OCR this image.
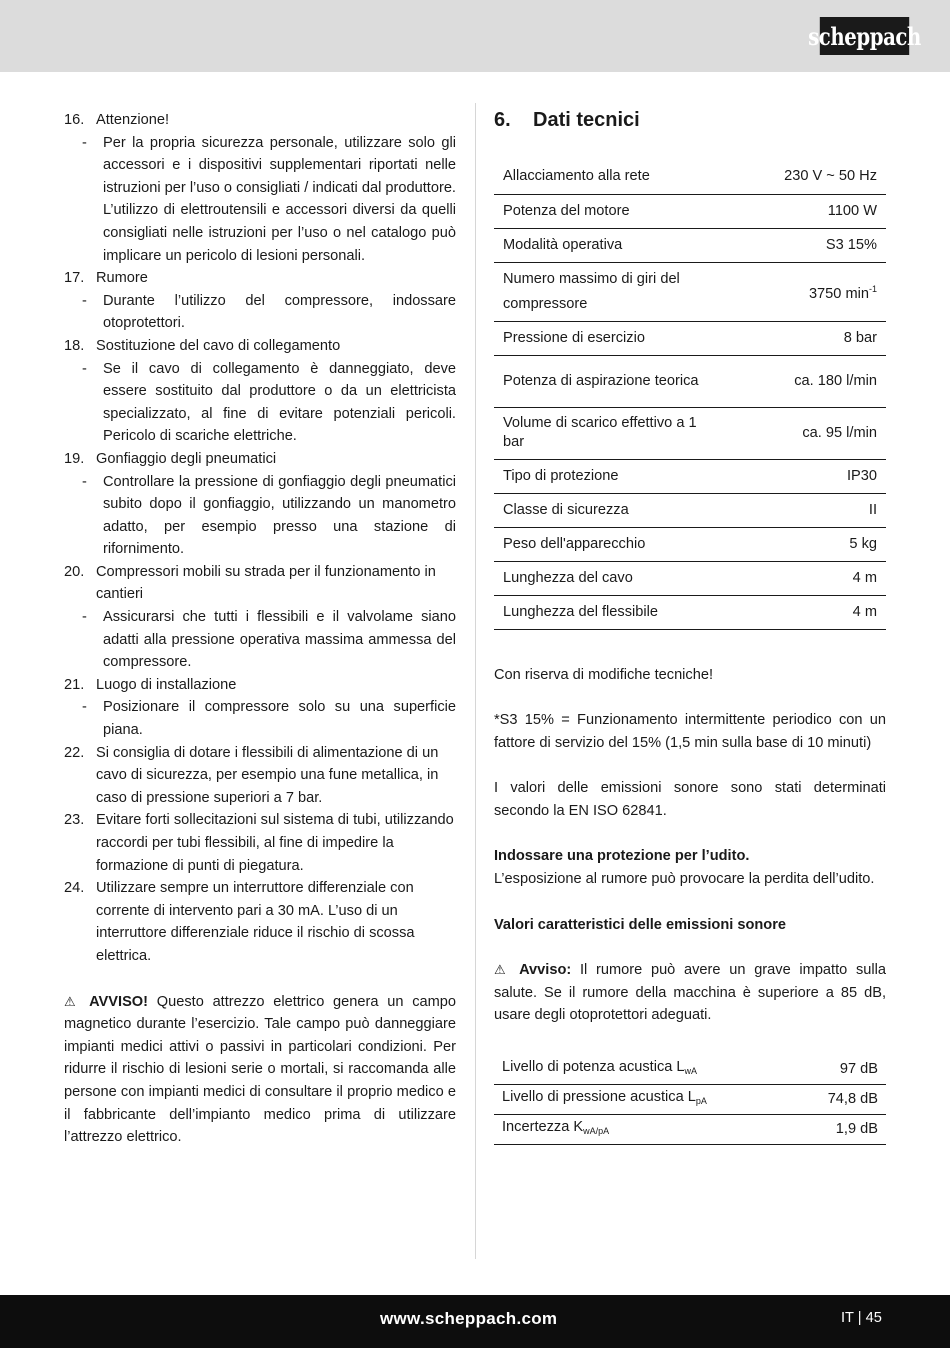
scheppach
16. Attenzione!
-	Per la propria sicurezza personale, utilizzare solo gli accessori e i dispositivi supplementari riportati nelle istruzioni per l’uso o consigliati / indicati dal produttore. L’utilizzo di elettroutensili e accessori diversi da quelli consigliati nelle istruzioni per l’uso o nel catalogo può implicare un pericolo di lesioni personali.
17. Rumore
-	Durante l’utilizzo del compressore, indossare otoprotettori.
18. Sostituzione del cavo di collegamento
-	Se il cavo di collegamento è danneggiato, deve essere sostituito dal produttore o da un elettricista specializzato, al fine di evitare potenziali pericoli. Pericolo di scariche elettriche.
19. Gonfiaggio degli pneumatici
-	Controllare la pressione di gonfiaggio degli pneumatici subito dopo il gonfiaggio, utilizzando un manometro adatto, per esempio presso una stazione di rifornimento.
20. Compressori mobili su strada per il funzionamento in cantieri
-	Assicurarsi che tutti i flessibili e il valvolame siano adatti alla pressione operativa massima ammessa del compressore.
21. Luogo di installazione
-	Posizionare il compressore solo su una superficie piana.
22. Si consiglia di dotare i flessibili di alimentazione di un cavo di sicurezza, per esempio una fune metallica, in caso di pressione superiori a 7 bar.
23. Evitare forti sollecitazioni sul sistema di tubi, utilizzando raccordi per tubi flessibili, al fine di impedire la formazione di punti di piegatura.
24. Utilizzare sempre un interruttore differenziale con corrente di intervento pari a 30 mA. L’uso di un interruttore differenziale riduce il rischio di scossa elettrica.

⚠ AVVISO! Questo attrezzo elettrico genera un campo magnetico durante l’esercizio. Tale campo può danneggiare impianti medici attivi o passivi in particolari condizioni. Per ridurre il rischio di lesioni serie o mortali, si raccomanda alle persone con impianti medici di consultare il proprio medico e il fabbricante dell’impianto medico prima di utilizzare l’attrezzo elettrico.

6.	Dati tecnici
Allacciamento alla rete	230 V ~ 50 Hz
Potenza del motore	1100 W
Modalità operativa	S3 15%
Numero massimo di giri del compressore	3750 $\min^{-1}$
Pressione di esercizio	8 bar
Potenza di aspirazione teorica	ca. 180 l/min
Volume di scarico effettivo a 1 bar	ca. 95 l/min
Tipo di protezione	IP30
Classe di sicurezza	II
Peso dell'apparecchio	5 kg
Lunghezza del cavo	4 m
Lunghezza del flessibile	4 m

Con riserva di modifiche tecniche!

*S3 15% = Funzionamento intermittente periodico con un fattore di servizio del 15% (1,5 min sulla base di 10 minuti)

I valori delle emissioni sonore sono stati determinati secondo la EN ISO 62841.

Indossare una protezione per l’udito.

L’esposizione al rumore può provocare la perdita dell’udito.

Valori caratteristici delle emissioni sonore

⚠ Avviso: Il rumore può avere un grave impatto sulla salute. Se il rumore della macchina è superiore a 85 dB, usare degli otoprotettori adeguati.

Livello di potenza acustica $L_{wA}$	97 dB
Livello di pressione acustica $L_{pA}$	74,8 dB
Incertezza $K_{wA/pA}$	1,9 dB
www.scheppach.com	IT | 45
